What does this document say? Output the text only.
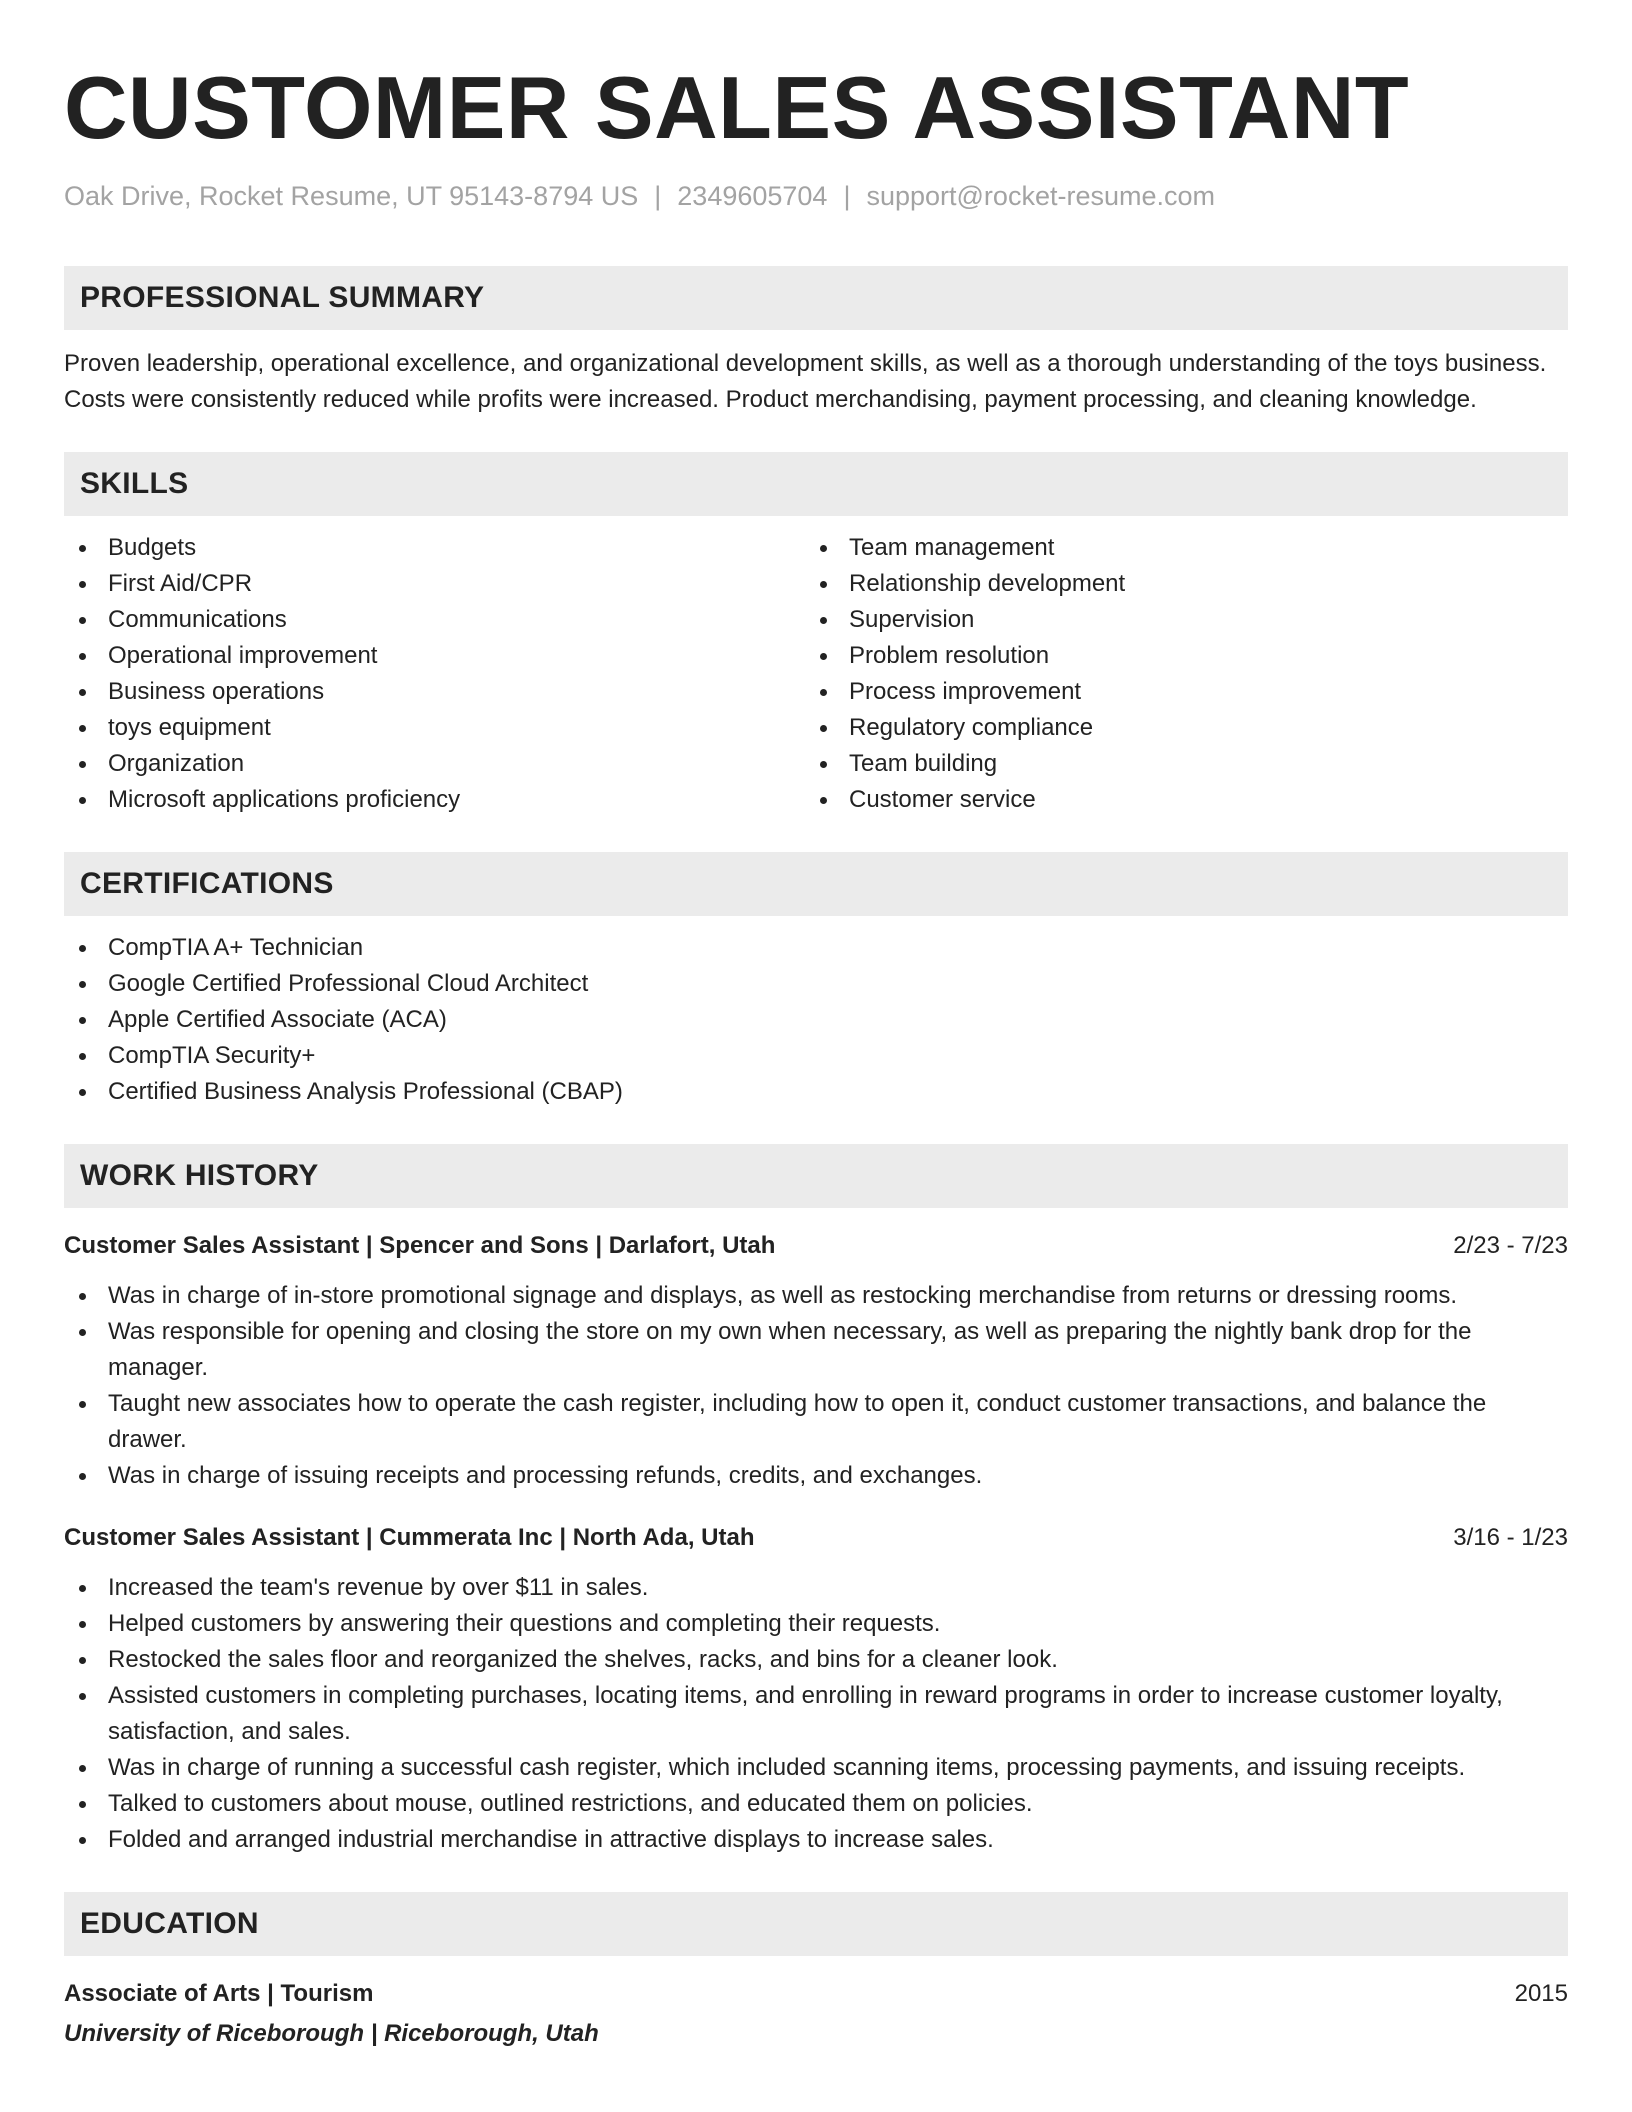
CUSTOMER SALES ASSISTANT
Oak Drive, Rocket Resume, UT 95143-8794 US | 2349605704 | support@rocket-resume.com
PROFESSIONAL SUMMARY

Proven leadership, operational excellence, and organizational development skills, as well as a thorough understanding of the toys business. Costs were consistently reduced while profits were increased. Product merchandising, payment processing, and cleaning knowledge.

SKILLS
Budgets
First Aid/CPR
Communications
Operational improvement
Business operations
toys equipment
Organization
Microsoft applications proficiency
Team management
Relationship development
Supervision
Problem resolution
Process improvement
Regulatory compliance
Team building
Customer service
CERTIFICATIONS
CompTIA A+ Technician
Google Certified Professional Cloud Architect
Apple Certified Associate (ACA)
CompTIA Security+
Certified Business Analysis Professional (CBAP)
WORK HISTORY
Customer Sales Assistant | Spencer and Sons | Darlafort, Utah	2/23 - 7/23
Was in charge of in-store promotional signage and displays, as well as restocking merchandise from returns or dressing rooms.
Was responsible for opening and closing the store on my own when necessary, as well as preparing the nightly bank drop for the manager.
Taught new associates how to operate the cash register, including how to open it, conduct customer transactions, and balance the drawer.
Was in charge of issuing receipts and processing refunds, credits, and exchanges.
Customer Sales Assistant | Cummerata Inc | North Ada, Utah	3/16 - 1/23
Increased the team's revenue by over $11 in sales.
Helped customers by answering their questions and completing their requests.
Restocked the sales floor and reorganized the shelves, racks, and bins for a cleaner look.
Assisted customers in completing purchases, locating items, and enrolling in reward programs in order to increase customer loyalty, satisfaction, and sales.
Was in charge of running a successful cash register, which included scanning items, processing payments, and issuing receipts.
Talked to customers about mouse, outlined restrictions, and educated them on policies.
Folded and arranged industrial merchandise in attractive displays to increase sales.
EDUCATION
Associate of Arts | Tourism	2015
University of Riceborough | Riceborough, Utah
